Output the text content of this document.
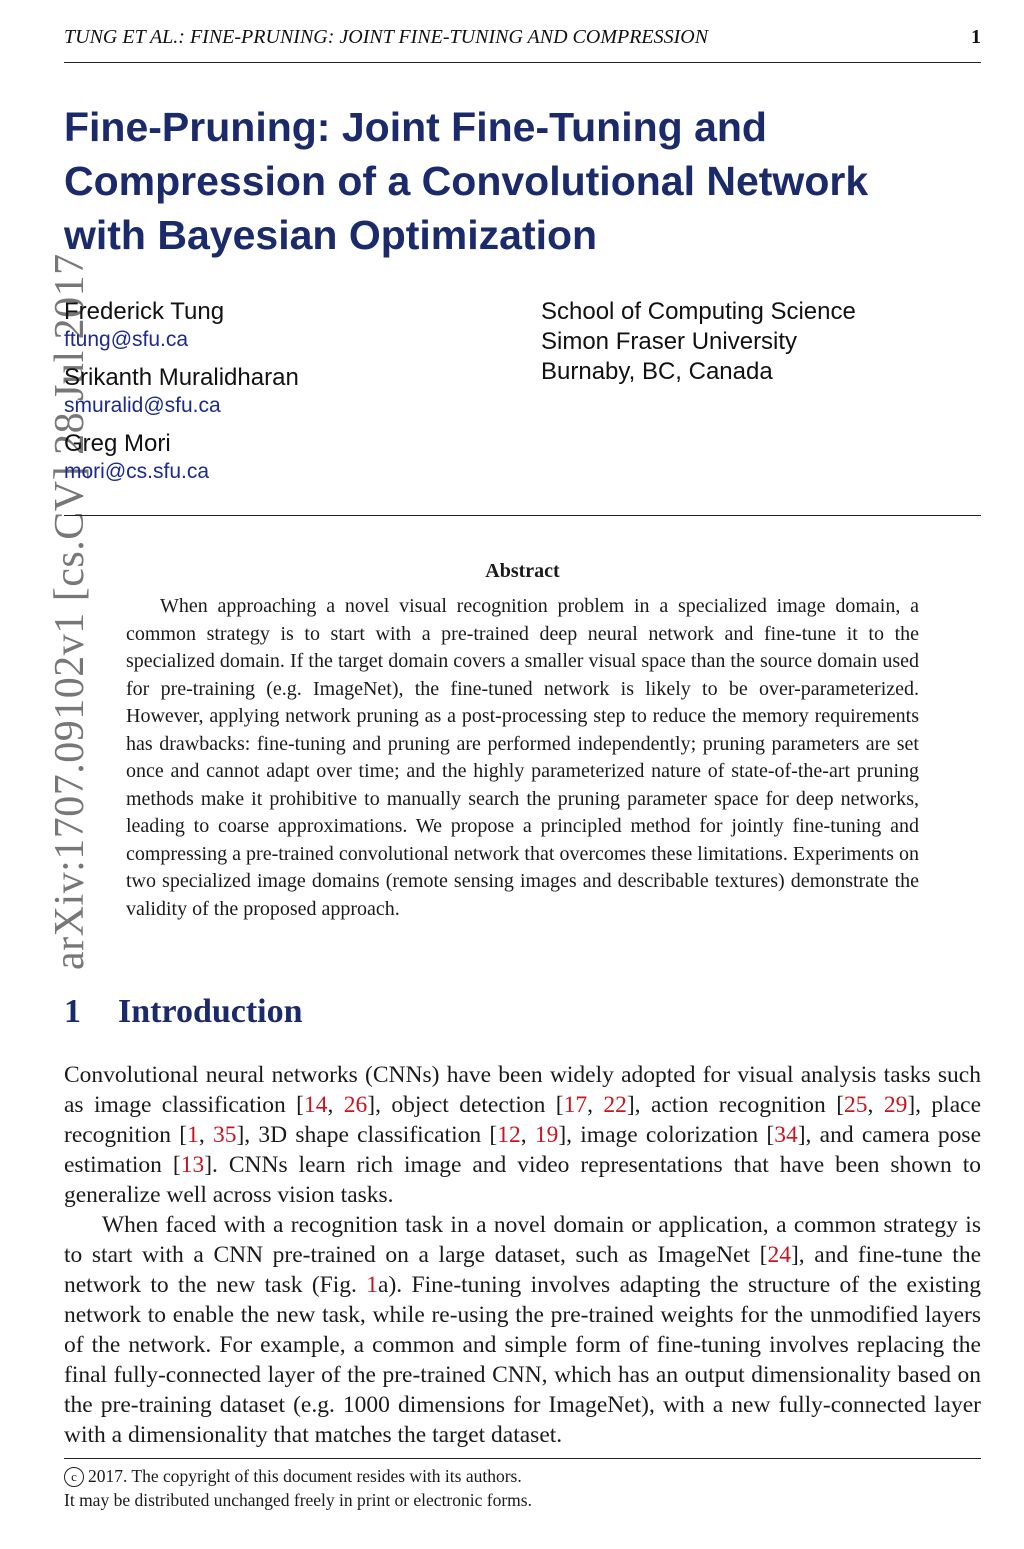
TUNG ET AL.: FINE-PRUNING: JOINT FINE-TUNING AND COMPRESSION	1
arXiv:1707.09102v1 [cs.CV] 28 Jul 2017
Fine-Pruning: Joint Fine-Tuning and
Compression of a Convolutional Network
with Bayesian Optimization
Frederick Tung
ftung@sfu.ca
Srikanth Muralidharan
smuralid@sfu.ca
Greg Mori
mori@cs.sfu.ca
School of Computing Science
Simon Fraser University
Burnaby, BC, Canada
Abstract

When approaching a novel visual recognition problem in a specialized image domain, a common strategy is to start with a pre-trained deep neural network and fine-tune it to the specialized domain. If the target domain covers a smaller visual space than the source domain used for pre-training (e.g. ImageNet), the fine-tuned network is likely to be over-parameterized. However, applying network pruning as a post-processing step to reduce the memory requirements has drawbacks: fine-tuning and pruning are performed independently; pruning parameters are set once and cannot adapt over time; and the highly parameterized nature of state-of-the-art pruning methods make it prohibitive to manually search the pruning parameter space for deep networks, leading to coarse approximations. We propose a principled method for jointly fine-tuning and compressing a pre-trained convolutional network that overcomes these limitations. Experiments on two specialized image domains (remote sensing images and describable textures) demonstrate the validity of the proposed approach.

1 Introduction

Convolutional neural networks (CNNs) have been widely adopted for visual analysis tasks such as image classification [14, 26], object detection [17, 22], action recognition [25, 29], place recognition [1, 35], 3D shape classification [12, 19], image colorization [34], and camera pose estimation [13]. CNNs learn rich image and video representations that have been shown to generalize well across vision tasks.

When faced with a recognition task in a novel domain or application, a common strategy is to start with a CNN pre-trained on a large dataset, such as ImageNet [24], and fine-tune the network to the new task (Fig. 1a). Fine-tuning involves adapting the structure of the existing network to enable the new task, while re-using the pre-trained weights for the unmodified layers of the network. For example, a common and simple form of fine-tuning involves replacing the final fully-connected layer of the pre-trained CNN, which has an output dimensionality based on the pre-training dataset (e.g. 1000 dimensions for ImageNet), with a new fully-connected layer with a dimensionality that matches the target dataset.

c 2017. The copyright of this document resides with its authors.
It may be distributed unchanged freely in print or electronic forms.
